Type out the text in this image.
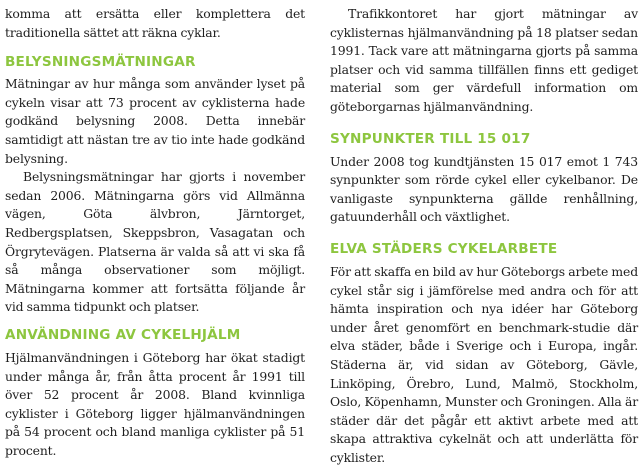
komma att ersätta eller komplettera det traditionella sättet att räkna cyklar.

BELYSNINGSMÄTNINGAR

Mätningar av hur många som använder lyset på cykeln visar att 73 procent av cyklisterna hade godkänd belysning 2008. Detta innebär samtidigt att nästan tre av tio inte hade godkänd belysning.

Belysningsmätningar har gjorts i november sedan 2006. Mätningarna görs vid Allmänna vägen, Göta älvbron, Järntorget, Redbergsplatsen, Skeppsbron, Vasagatan och Örgrytevägen. Platserna är valda så att vi ska få så många observationer som möjligt. Mätningarna kommer att fortsätta följande år vid samma tidpunkt och platser.

ANVÄNDNING AV CYKELHJÄLM

Hjälmanvändningen i Göteborg har ökat stadigt under många år, från åtta procent år 1991 till över 52 procent år 2008. Bland kvinnliga cyklister i Göteborg ligger hjälmanvändningen på 54 procent och bland manliga cyklister på 51 procent.

Trafikkontoret har gjort mätningar av cyklisternas hjälmanvändning på 18 platser sedan 1991. Tack vare att mätningarna gjorts på samma platser och vid samma tillfällen finns ett gediget material som ger värdefull information om göteborgarnas hjälmanvändning.

SYNPUNKTER TILL 15 017

Under 2008 tog kundtjänsten 15 017 emot 1 743 synpunkter som rörde cykel eller cykelbanor. De vanligaste synpunkterna gällde renhållning, gatuunderhåll och växtlighet.

ELVA STÄDERS CYKELARBETE

För att skaffa en bild av hur Göteborgs arbete med cykel står sig i jämförelse med andra och för att hämta inspiration och nya idéer har Göteborg under året genomfört en benchmark-studie där elva städer, både i Sverige och i Europa, ingår. Städerna är, vid sidan av Göteborg, Gävle, Linköping, Örebro, Lund, Malmö, Stockholm, Oslo, Köpenhamn, Munster och Groningen. Alla är städer där det pågår ett aktivt arbete med att skapa attraktiva cykelnät och att underlätta för cyklister.
